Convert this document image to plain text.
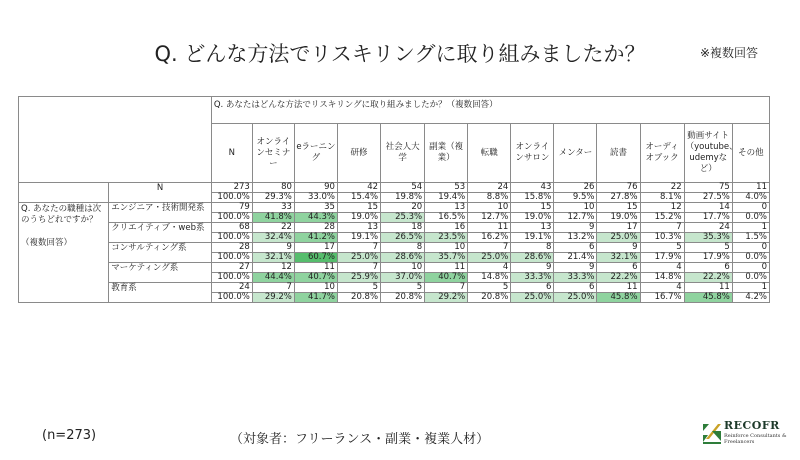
Q. どんな方法でリスキリングに取り組みましたか？	※複数回答
		Q. あなたはどんな方法でリスキリングに取り組みましたか？（複数回答）												
		N	オンラインセミナー	eラーニング	研修	社会人大学	副業（複業）	転職	オンラインサロン	メンター	読書	オーディオブック	動画サイト（youtube、udemyなど）	その他
	N	273	80	90	42	54	53	24	43	26	76	22	75	11
		100.0%	29.3%	33.0%	15.4%	19.8%	19.4%	8.8%	15.8%	9.5%	27.8%	8.1%	27.5%	4.0%

Q. あなたの職種は次のうちどれですか？
（複数回答）	エンジニア・技術開発系	79	33	35	15	20	13	10	15	10	15	12	14	0
		100.0%	41.8%	44.3%	19.0%	25.3%	16.5%	12.7%	19.0%	12.7%	19.0%	15.2%	17.7%	0.0%
	クリエイティブ・web系	68	22	28	13	18	16	11	13	9	17	7	24	1
		100.0%	32.4%	41.2%	19.1%	26.5%	23.5%	16.2%	19.1%	13.2%	25.0%	10.3%	35.3%	1.5%
	コンサルティング系	28	9	17	7	8	10	7	8	6	9	5	5	0
		100.0%	32.1%	60.7%	25.0%	28.6%	35.7%	25.0%	28.6%	21.4%	32.1%	17.9%	17.9%	0.0%
	マーケティング系	27	12	11	7	10	11	4	9	9	6	4	6	0
		100.0%	44.4%	40.7%	25.9%	37.0%	40.7%	14.8%	33.3%	33.3%	22.2%	14.8%	22.2%	0.0%
	教育系	24	7	10	5	5	7	5	6	6	11	4	11	1
		100.0%	29.2%	41.7%	20.8%	20.8%	29.2%	20.8%	25.0%	25.0%	45.8%	16.7%	45.8%	4.2%
(n=273)	（対象者：フリーランス・副業・複業人材）
RECOFR
Reinforce Consultants & Freelancers
